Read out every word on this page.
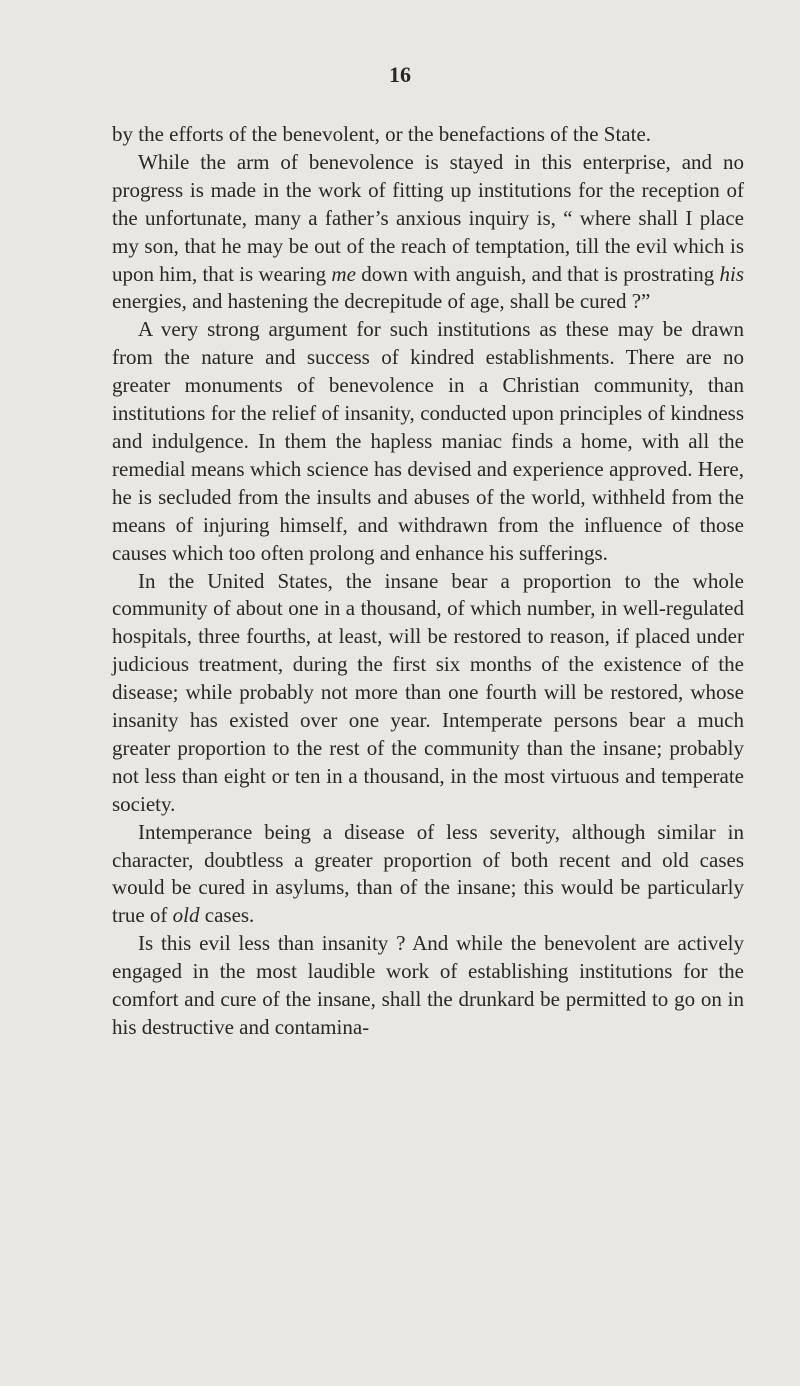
16

by the efforts of the benevolent, or the benefactions of the State.

While the arm of benevolence is stayed in this enterprise, and no progress is made in the work of fitting up institutions for the reception of the unfortunate, many a father’s anxious inquiry is, “ where shall I place my son, that he may be out of the reach of temptation, till the evil which is upon him, that is wearing me down with anguish, and that is prostrating his energies, and hastening the decrepitude of age, shall be cured ?”

A very strong argument for such institutions as these may be drawn from the nature and success of kindred establishments. There are no greater monuments of benevolence in a Christian community, than institutions for the relief of insanity, conducted upon principles of kindness and indulgence. In them the hapless maniac finds a home, with all the remedial means which science has devised and experience approved. Here, he is secluded from the insults and abuses of the world, withheld from the means of injuring himself, and withdrawn from the influence of those causes which too often prolong and enhance his sufferings.

In the United States, the insane bear a proportion to the whole community of about one in a thousand, of which number, in well-regulated hospitals, three fourths, at least, will be restored to reason, if placed under judicious treatment, during the first six months of the existence of the disease; while probably not more than one fourth will be restored, whose insanity has existed over one year. Intemperate persons bear a much greater proportion to the rest of the community than the insane; probably not less than eight or ten in a thousand, in the most virtuous and temperate society.

Intemperance being a disease of less severity, although similar in character, doubtless a greater proportion of both recent and old cases would be cured in asylums, than of the insane; this would be particularly true of old cases.

Is this evil less than insanity ? And while the benevolent are actively engaged in the most laudible work of establishing institutions for the comfort and cure of the insane, shall the drunkard be permitted to go on in his destructive and contamina-
